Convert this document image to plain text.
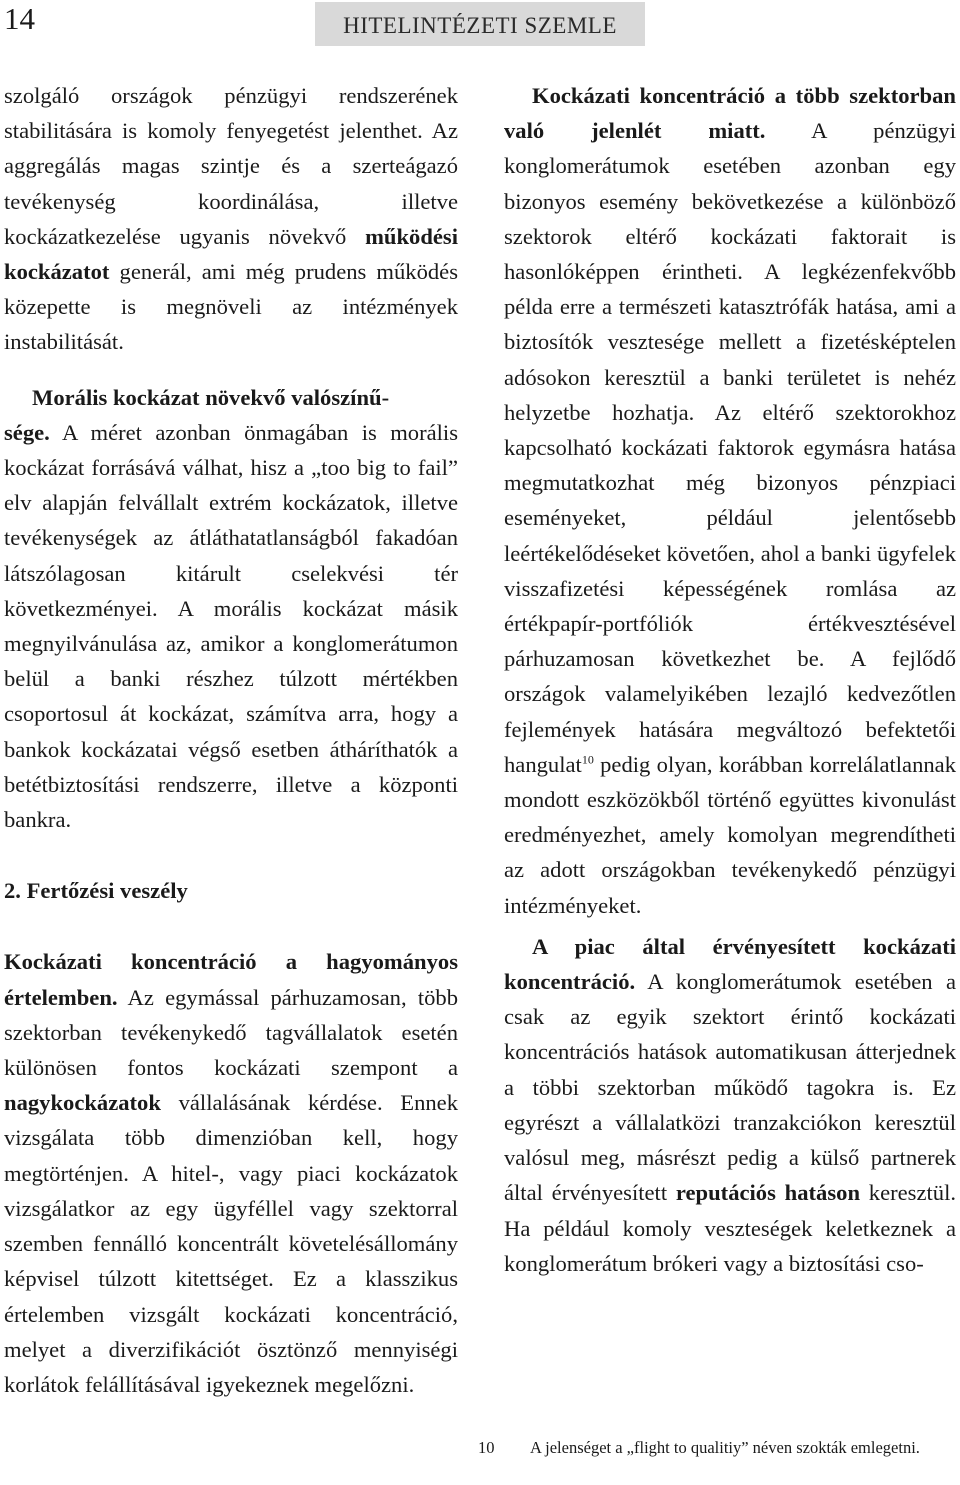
14	HITELINTÉZETI SZEMLE

szolgáló országok pénzügyi rendszerének stabilitására is komoly fenyegetést jelenthet. Az aggregálás magas szintje és a szerteágazó tevékenység koordinálása, illetve kockázatkezelése ugyanis növekvő működési kockázatot generál, ami még prudens működés közepette is megnöveli az intézmények instabilitását.

Morális kockázat növekvő valószínű-

sége. A méret azonban önmagában is morális kockázat forrásává válhat, hisz a „too big to fail” elv alapján felvállalt extrém kockázatok, illetve tevékenységek az átláthatatlanságból fakadóan látszólagosan kitárult cselekvési tér következményei. A morális kockázat másik megnyilvánulása az, amikor a konglomerátumon belül a banki részhez túlzott mértékben csoportosul át kockázat, számítva arra, hogy a bankok kockázatai végső esetben átháríthatók a betétbiztosítási rendszerre, illetve a központi bankra.

2. Fertőzési veszély

Kockázati koncentráció a hagyományos értelemben. Az egymással párhuzamosan, több szektorban tevékenykedő tagvállalatok esetén különösen fontos kockázati szempont a nagykockázatok vállalásának kérdése. Ennek vizsgálata több dimenzióban kell, hogy megtörténjen. A hitel-, vagy piaci kockázatok vizsgálatkor az egy ügyféllel vagy szektorral szemben fennálló koncentrált követelésállomány képvisel túlzott kitettséget. Ez a klasszikus értelemben vizsgált kockázati koncentráció, melyet a diverzifikációt ösztönző mennyiségi korlátok felállításával igyekeznek megelőzni.

Kockázati koncentráció a több szektorban való jelenlét miatt. A pénzügyi konglomerátumok esetében azonban egy bizonyos esemény bekövetkezése a különböző szektorok eltérő kockázati faktorait is hasonlóképpen érintheti. A legkézenfekvőbb példa erre a természeti katasztrófák hatása, ami a biztosítók vesztesége mellett a fizetésképtelen adósokon keresztül a banki területet is nehéz helyzetbe hozhatja. Az eltérő szektorokhoz kapcsolható kockázati faktorok egymásra hatása megmutatkozhat még bizonyos pénzpiaci eseményeket, például jelentősebb leértékelődéseket követően, ahol a banki ügyfelek visszafizetési képességének romlása az értékpapír-portfóliók értékvesztésével párhuzamosan következhet be. A fejlődő országok valamelyikében lezajló kedvezőtlen fejlemények hatására megváltozó befektetői hangulat$^{10}$ pedig olyan, korábban korrelálatlannak mondott eszközökből történő együttes kivonulást eredményezhet, amely komolyan megrendítheti az adott országokban tevékenykedő pénzügyi intézményeket.

A piac által érvényesített kockázati koncentráció. A konglomerátumok esetében a csak az egyik szektort érintő kockázati koncentrációs hatások automatikusan átterjednek a többi szektorban működő tagokra is. Ez egyrészt a vállalatközi tranzakciókon keresztül valósul meg, másrészt pedig a külső partnerek által érvényesített reputációs hatáson keresztül. Ha például komoly veszteségek keletkeznek a konglomerátum brókeri vagy a biztosítási cso-

10 A jelenséget a „flight to qualitiy” néven szokták emlegetni.
